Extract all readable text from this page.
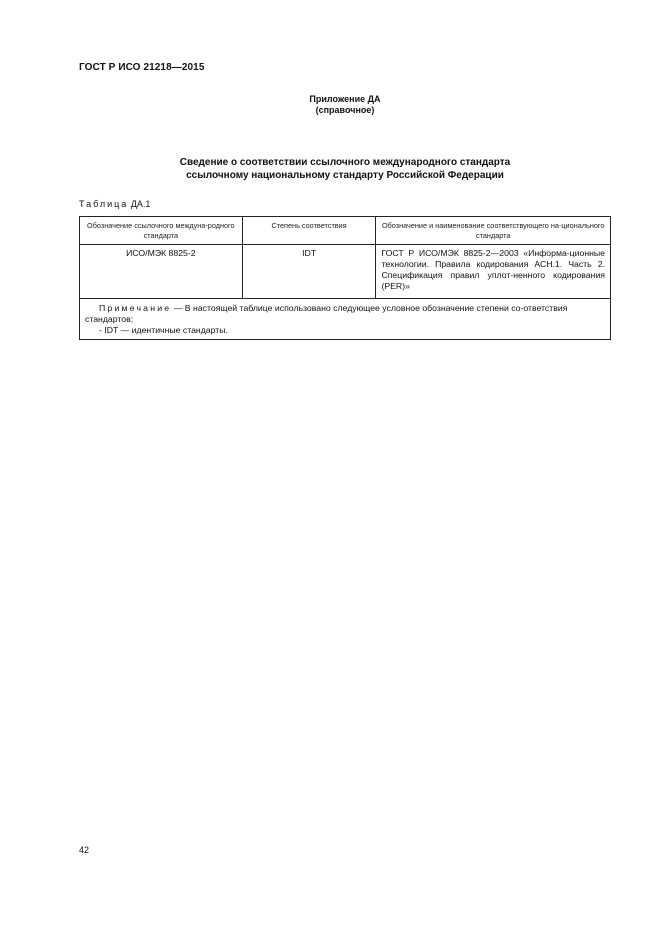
ГОСТ Р ИСО 21218—2015
Приложение ДА
(справочное)
Сведение о соответствии ссылочного международного стандарта
ссылочному национальному стандарту Российской Федерации
Таблица ДА.1
Обозначение ссылочного междуна-родного стандарта	Степень соответствия	Обозначение и наименование соответствующего на-ционального стандарта
ИСО/МЭК 8825-2	IDT	ГОСТ Р ИСО/МЭК 8825-2—2003 «Информа-ционные технологии. Правила кодирования АСН.1. Часть 2. Спецификация правил уплот-ненного кодирования (PER)»

Примечание — В настоящей таблице использовано следующее условное обозначение степени со-ответствия стандартов:
- IDT — идентичные стандарты.		
42
